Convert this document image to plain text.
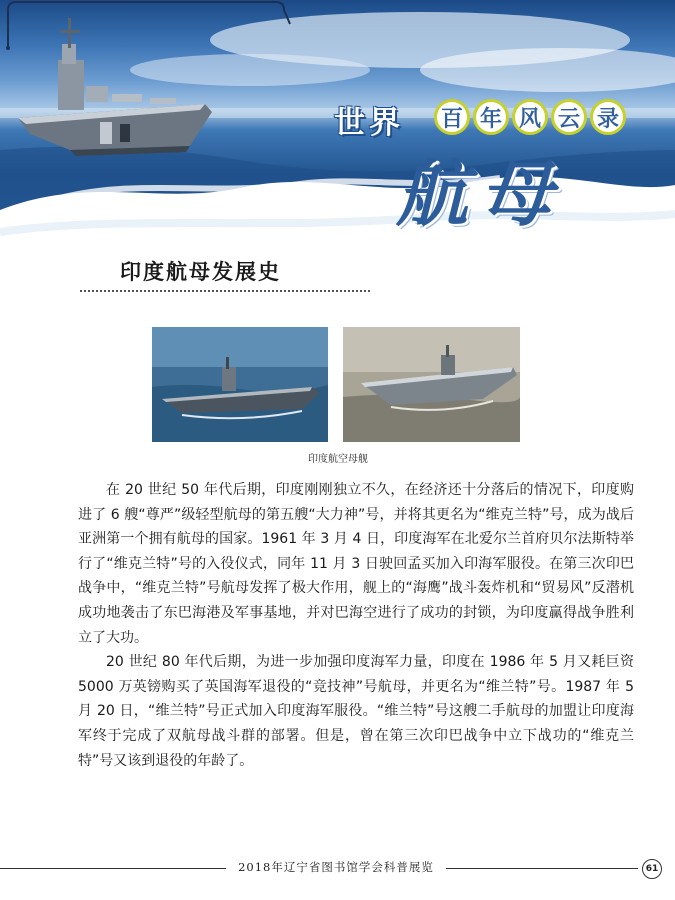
世界	百 年 风 云 录
航母
印度航母发展史
印度航空母舰

在 20 世纪 50 年代后期，印度刚刚独立不久，在经济还十分落后的情况下，印度购进了 6 艘“尊严”级轻型航母的第五艘“大力神”号，并将其更名为“维克兰特”号，成为战后亚洲第一个拥有航母的国家。1961 年 3 月 4 日，印度海军在北爱尔兰首府贝尔法斯特举行了“维克兰特”号的入役仪式，同年 11 月 3 日驶回孟买加入印海军服役。在第三次印巴战争中，“维克兰特”号航母发挥了极大作用，舰上的“海鹰”战斗轰炸机和“贸易风”反潜机成功地袭击了东巴海港及军事基地，并对巴海空进行了成功的封锁，为印度赢得战争胜利立了大功。

20 世纪 80 年代后期，为进一步加强印度海军力量，印度在 1986 年 5 月又耗巨资 5000 万英镑购买了英国海军退役的“竞技神”号航母，并更名为“维兰特”号。1987 年 5 月 20 日，“维兰特”号正式加入印度海军服役。“维兰特”号这艘二手航母的加盟让印度海军终于完成了双航母战斗群的部署。但是，曾在第三次印巴战争中立下战功的“维克兰特”号又该到退役的年龄了。

2018年辽宁省图书馆学会科普展览	61
